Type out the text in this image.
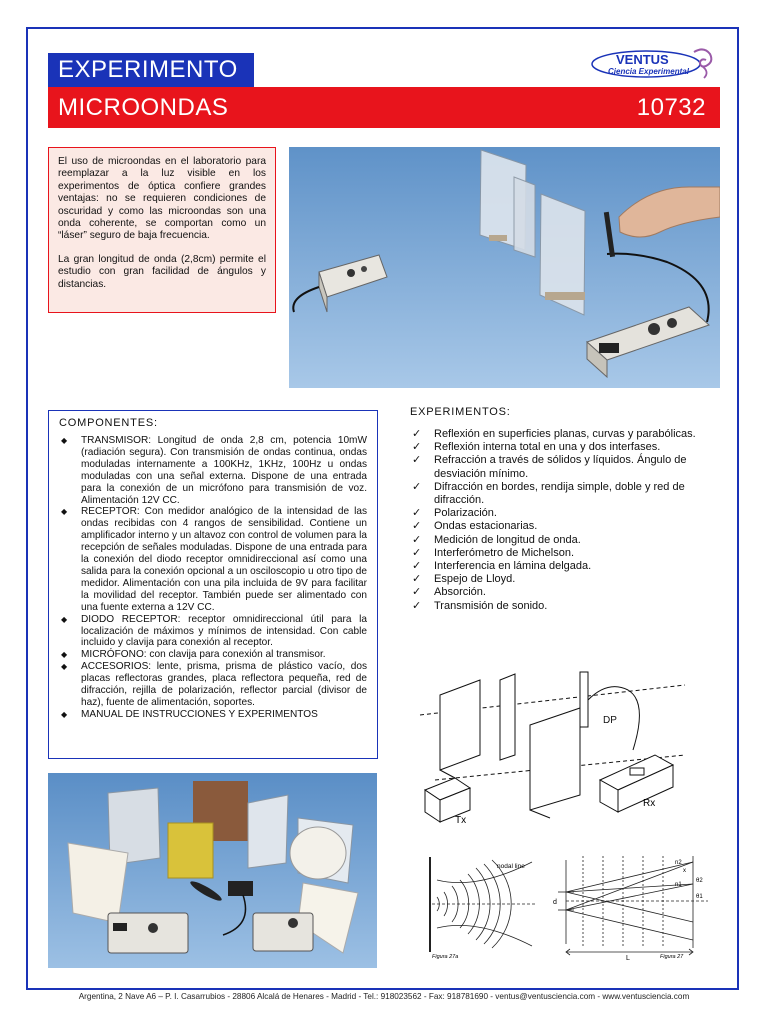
EXPERIMENTO
MICROONDAS	10732
VENTUS
Ciencia Experimental

El uso de microondas en el laboratorio para reemplazar a la luz visible en los experimentos de óptica confiere grandes ventajas: no se requieren condiciones de oscuridad y como las microondas son una onda coherente, se comportan como un “láser” seguro de baja frecuencia.

La gran longitud de onda (2,8cm) permite el estudio con gran facilidad de ángulos y distancias.

COMPONENTES:
◆ TRANSMISOR: Longitud de onda 2,8 cm, potencia 10mW (radiación segura). Con transmisión de ondas continua, ondas moduladas internamente a 100KHz, 1KHz, 100Hz u ondas moduladas con una señal externa. Dispone de una entrada para la conexión de un micrófono para transmisión de voz. Alimentación 12V CC.
◆ RECEPTOR: Con medidor analógico de la intensidad de las ondas recibidas con 4 rangos de sensibilidad. Contiene un amplificador interno y un altavoz con control de volumen para la recepción de señales moduladas. Dispone de una entrada para la conexión del diodo receptor omnidireccional así como una salida para la conexión opcional a un osciloscopio u otro tipo de medidor. Alimentación con una pila incluida de 9V para facilitar la movilidad del receptor. También puede ser alimentado con una fuente externa a 12V CC.
◆ DIODO RECEPTOR: receptor omnidireccional útil para la localización de máximos y mínimos de intensidad. Con cable incluido y clavija para conexión al receptor.
◆ MICRÓFONO: con clavija para conexión al transmisor.
◆ ACCESORIOS: lente, prisma, prisma de plástico vacío, dos placas reflectoras grandes, placa reflectora pequeña, red de difracción, rejilla de polarización, reflector parcial (divisor de haz), fuente de alimentación, soportes.
◆ MANUAL DE INSTRUCCIONES Y EXPERIMENTOS
EXPERIMENTOS:
✓ Reflexión en superficies planas, curvas y parabólicas.
✓ Reflexión interna total en una y dos interfases.
✓ Refracción a través de sólidos y líquidos. Ángulo de desviación mínimo.
✓ Difracción en bordes, rendija simple, doble y red de difracción.
✓ Polarización.
✓ Ondas estacionarias.
✓ Medición de longitud de onda.
✓ Interferómetro de Michelson.
✓ Interferencia en lámina delgada.
✓ Espejo de Lloyd.
✓ Absorción.
✓ Transmisión de sonido.
DP
Tx
Rx
nodal line
Figura 27a
d
L
x
n2
n1
θ2
θ1
Figura 27
Argentina, 2 Nave A6 – P. I. Casarrubios - 28806 Alcalá de Henares - Madrid - Tel.: 918023562 - Fax: 918781690 - ventus@ventusciencia.com - www.ventusciencia.com
